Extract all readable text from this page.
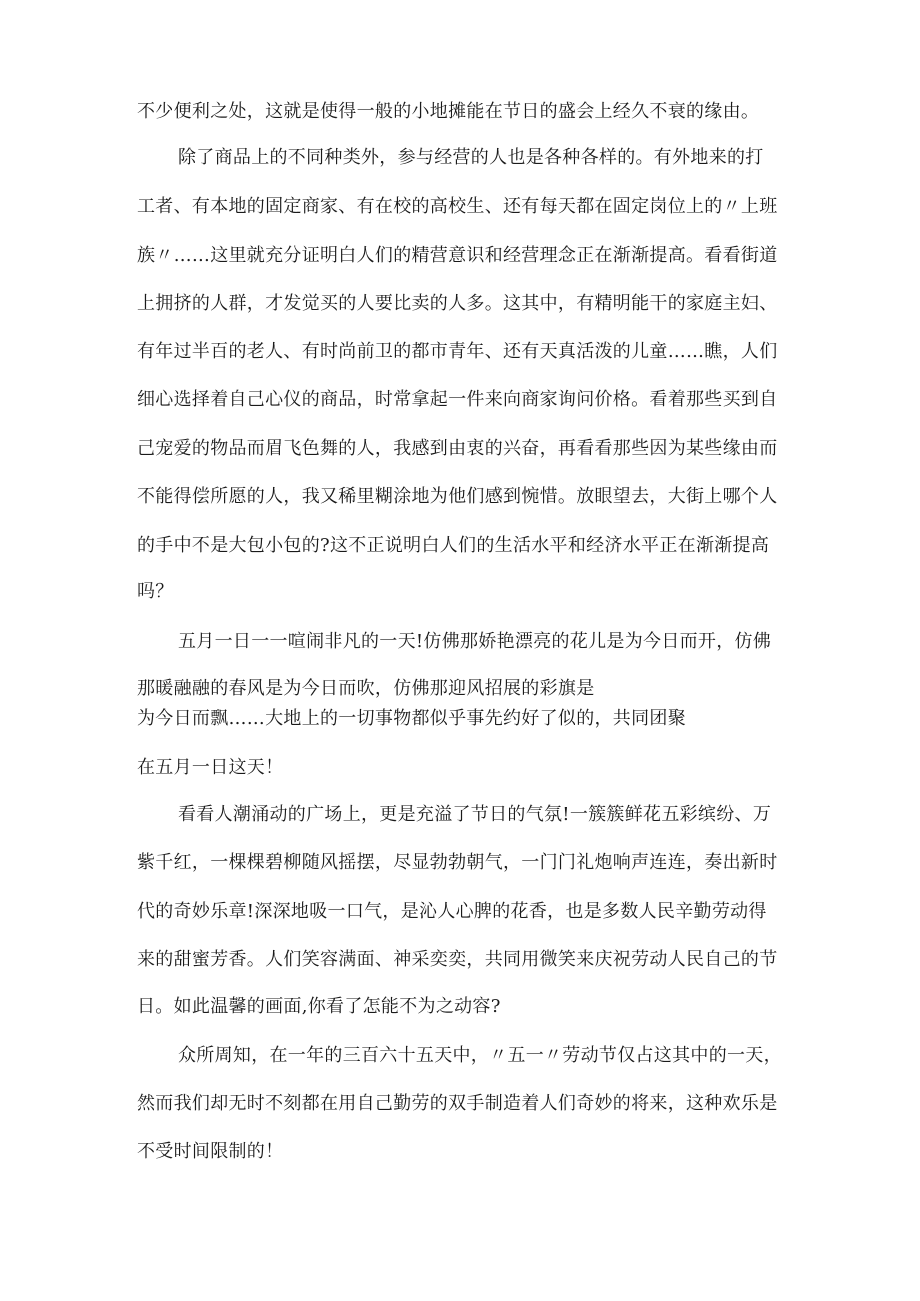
不少便利之处，这就是使得一般的小地摊能在节日的盛会上经久不衰的缘由。
除了商品上的不同种类外，参与经营的人也是各种各样的。有外地来的打
工者、有本地的固定商家、有在校的高校生、还有每天都在固定岗位上的〃上班
族〃……这里就充分证明白人们的精营意识和经营理念正在渐渐提高。看看街道
上拥挤的人群，才发觉买的人要比卖的人多。这其中，有精明能干的家庭主妇、
有年过半百的老人、有时尚前卫的都市青年、还有天真活泼的儿童……瞧，人们
细心选择着自己心仪的商品，时常拿起一件来向商家询问价格。看着那些买到自
己宠爱的物品而眉飞色舞的人，我感到由衷的兴奋，再看看那些因为某些缘由而
不能得偿所愿的人，我又稀里糊涂地为他们感到惋惜。放眼望去，大街上哪个人
的手中不是大包小包的?这不正说明白人们的生活水平和经济水平正在渐渐提高
吗？
五月一日一一喧闹非凡的一天!仿佛那娇艳漂亮的花儿是为今日而开，仿佛
那暖融融的春风是为今日而吹，仿佛那迎风招展的彩旗是
为今日而飘……大地上的一切事物都似乎事先约好了似的，共同团聚
在五月一日这天！
看看人潮涌动的广场上，更是充溢了节日的气氛!一簇簇鲜花五彩缤纷、万
紫千红，一棵棵碧柳随风摇摆，尽显勃勃朝气，一门门礼炮响声连连，奏出新时
代的奇妙乐章!深深地吸一口气，是沁人心脾的花香，也是多数人民辛勤劳动得
来的甜蜜芳香。人们笑容满面、神采奕奕，共同用微笑来庆祝劳动人民自己的节
日。如此温馨的画面,你看了怎能不为之动容?
众所周知，在一年的三百六十五天中，〃五一〃劳动节仅占这其中的一天，
然而我们却无时不刻都在用自己勤劳的双手制造着人们奇妙的将来，这种欢乐是
不受时间限制的！
